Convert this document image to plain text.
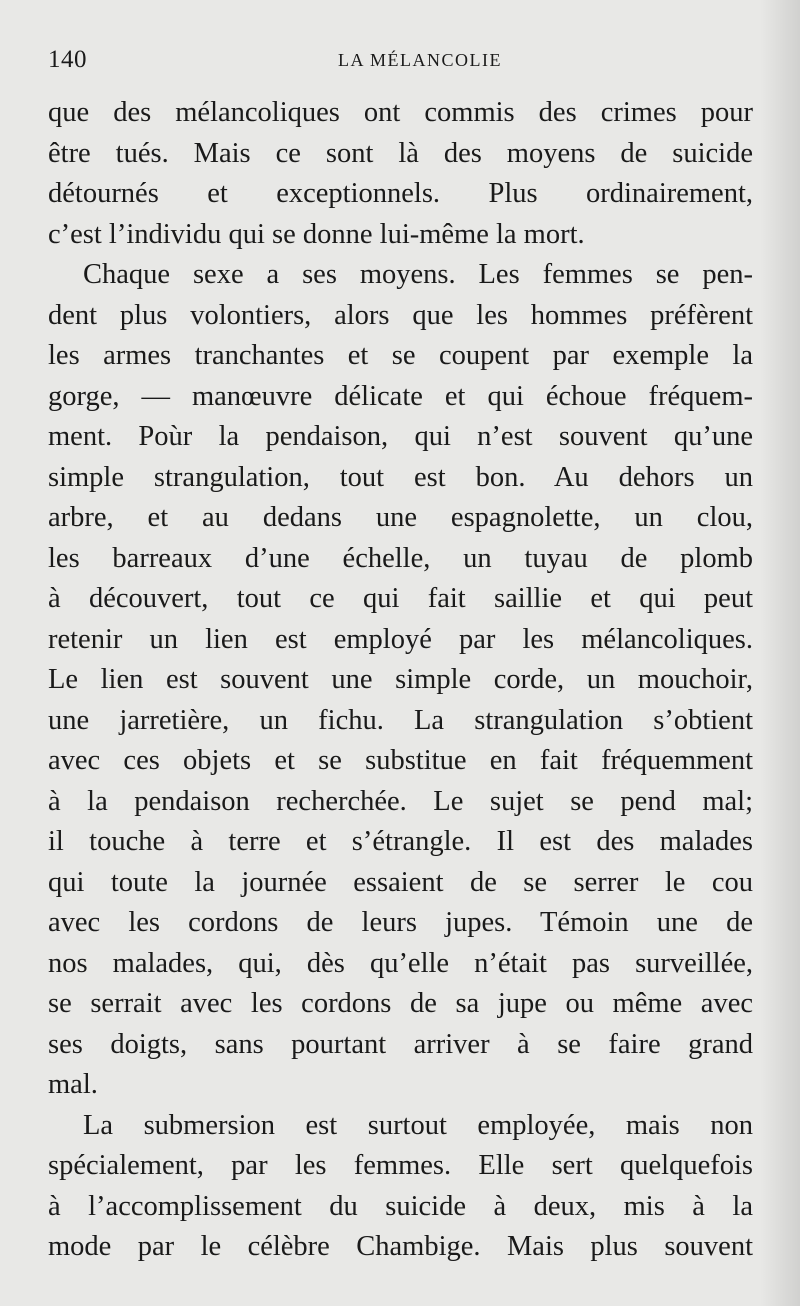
140	LA MÉLANCOLIE
que des mélancoliques ont commis des crimes pour
être tués. Mais ce sont là des moyens de suicide
détournés et exceptionnels. Plus ordinairement,
c’est l’individu qui se donne lui-même la mort.
Chaque sexe a ses moyens. Les femmes se pen-
dent plus volontiers, alors que les hommes préfèrent
les armes tranchantes et se coupent par exemple la
gorge, — manœuvre délicate et qui échoue fréquem-
ment. Poùr la pendaison, qui n’est souvent qu’une
simple strangulation, tout est bon. Au dehors un
arbre, et au dedans une espagnolette, un clou,
les barreaux d’une échelle, un tuyau de plomb
à découvert, tout ce qui fait saillie et qui peut
retenir un lien est employé par les mélancoliques.
Le lien est souvent une simple corde, un mouchoir,
une jarretière, un fichu. La strangulation s’obtient
avec ces objets et se substitue en fait fréquemment
à la pendaison recherchée. Le sujet se pend mal;
il touche à terre et s’étrangle. Il est des malades
qui toute la journée essaient de se serrer le cou
avec les cordons de leurs jupes. Témoin une de
nos malades, qui, dès qu’elle n’était pas surveillée,
se serrait avec les cordons de sa jupe ou même avec
ses doigts, sans pourtant arriver à se faire grand
mal.
La submersion est surtout employée, mais non
spécialement, par les femmes. Elle sert quelquefois
à l’accomplissement du suicide à deux, mis à la
mode par le célèbre Chambige. Mais plus souvent
